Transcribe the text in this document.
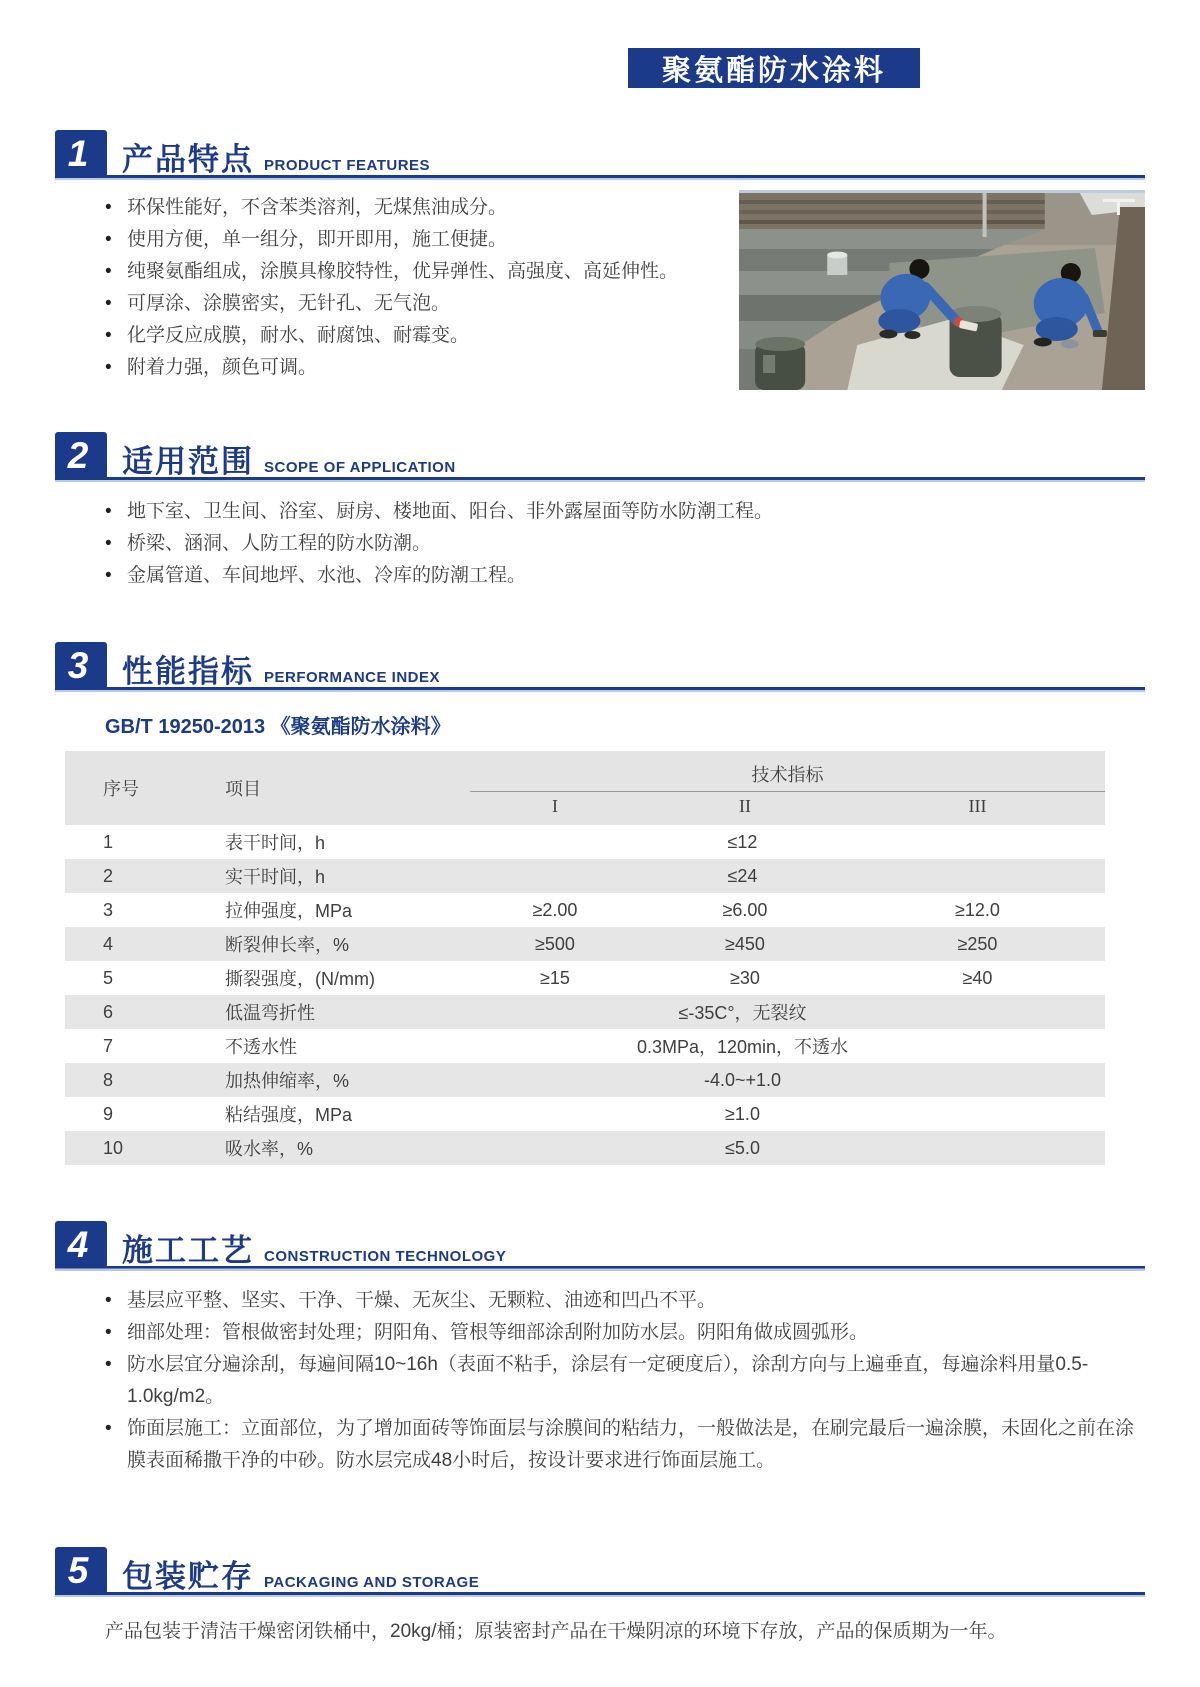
聚氨酯防水涂料
1	产品特点 PRODUCT FEATURES
•
环保性能好，不含苯类溶剂，无煤焦油成分。
•
使用方便，单一组分，即开即用，施工便捷。
•
纯聚氨酯组成，涂膜具橡胶特性，优异弹性、高强度、高延伸性。
•
可厚涂、涂膜密实，无针孔、无气泡。
•
化学反应成膜，耐水、耐腐蚀、耐霉变。
•
附着力强，颜色可调。
2	适用范围 SCOPE OF APPLICATION
•
地下室、卫生间、浴室、厨房、楼地面、阳台、非外露屋面等防水防潮工程。
•
桥梁、涵洞、人防工程的防水防潮。
•
金属管道、车间地坪、水池、冷库的防潮工程。
3	性能指标 PERFORMANCE INDEX
GB/T 19250-2013 《聚氨酯防水涂料》
序号	项目	技术指标		
		I	II	III
1	表干时间，h	≤12		
2	实干时间，h	≤24		
3	拉伸强度，MPa	≥2.00	≥6.00	≥12.0
4	断裂伸长率，%	≥500	≥450	≥250
5	撕裂强度，(N/mm)	≥15	≥30	≥40
6	低温弯折性	≤-35C°，无裂纹		
7	不透水性	0.3MPa，120min，不透水		
8	加热伸缩率，%	-4.0~+1.0		
9	粘结强度，MPa	≥1.0		
10	吸水率，%	≤5.0		
4	施工工艺 CONSTRUCTION TECHNOLOGY
•
基层应平整、坚实、干净、干燥、无灰尘、无颗粒、油迹和凹凸不平。
•
细部处理：管根做密封处理；阴阳角、管根等细部涂刮附加防水层。阴阳角做成圆弧形。
•
防水层宜分遍涂刮，每遍间隔10~16h（表面不粘手，涂层有一定硬度后），涂刮方向与上遍垂直，每遍涂料用量0.5-1.0kg/m2。
•
饰面层施工：立面部位，为了增加面砖等饰面层与涂膜间的粘结力，一般做法是，在刷完最后一遍涂膜，未固化之前在涂膜表面稀撒干净的中砂。防水层完成48小时后，按设计要求进行饰面层施工。
5	包装贮存 PACKAGING AND STORAGE
产品包装于清洁干燥密闭铁桶中，20kg/桶；原装密封产品在干燥阴凉的环境下存放，产品的保质期为一年。
